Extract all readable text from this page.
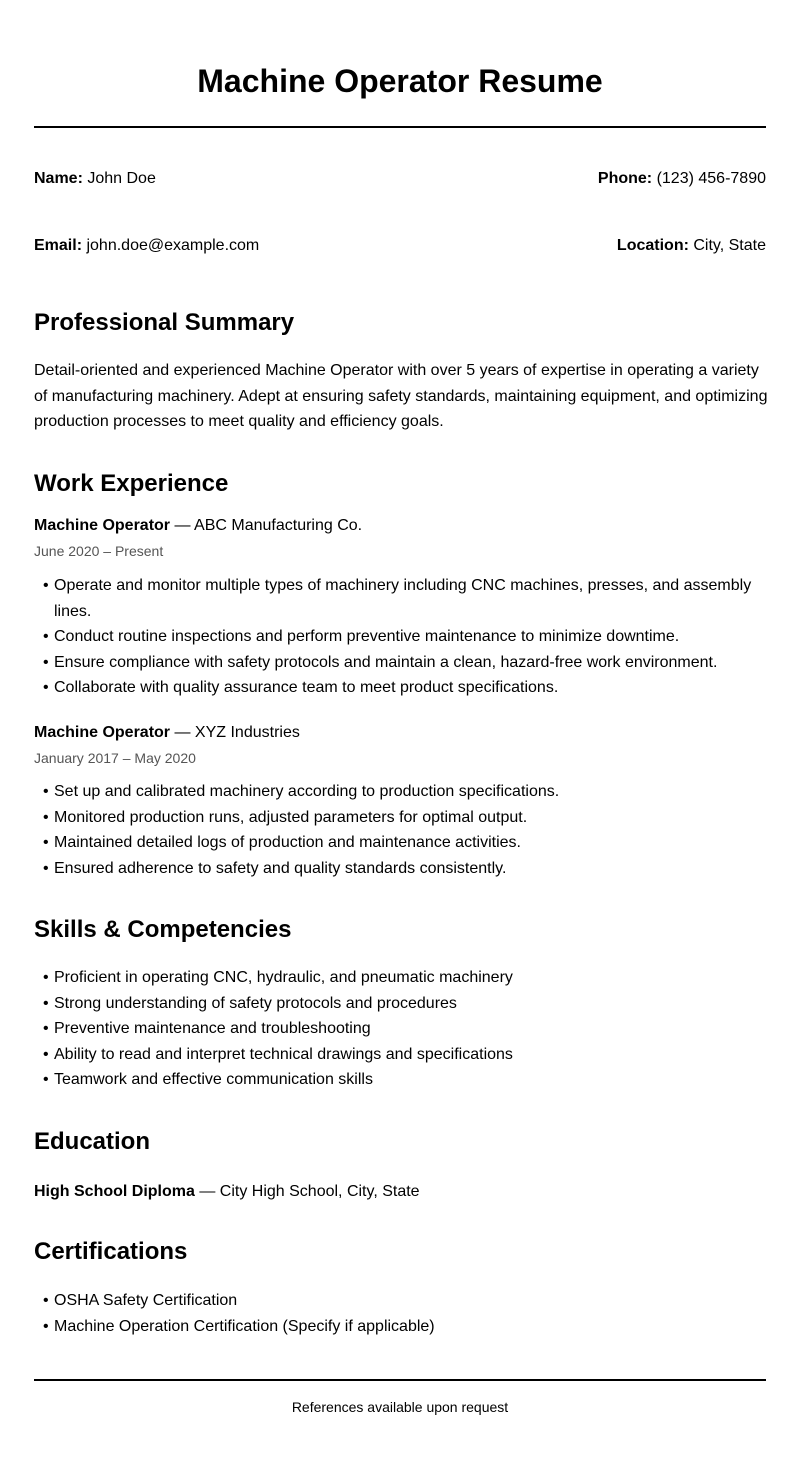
Machine Operator Resume
Name: John Doe	Phone: (123) 456-7890
Email: john.doe@example.com	Location: City, State
Professional Summary

Detail-oriented and experienced Machine Operator with over 5 years of expertise in operating a variety of manufacturing machinery. Adept at ensuring safety standards, maintaining equipment, and optimizing production processes to meet quality and efficiency goals.

Work Experience
Machine Operator — ABC Manufacturing Co.
June 2020 – Present
• Operate and monitor multiple types of machinery including CNC machines, presses, and assembly lines.
• Conduct routine inspections and perform preventive maintenance to minimize downtime.
• Ensure compliance with safety protocols and maintain a clean, hazard-free work environment.
• Collaborate with quality assurance team to meet product specifications.
Machine Operator — XYZ Industries
January 2017 – May 2020
• Set up and calibrated machinery according to production specifications.
• Monitored production runs, adjusted parameters for optimal output.
• Maintained detailed logs of production and maintenance activities.
• Ensured adherence to safety and quality standards consistently.
Skills & Competencies
• Proficient in operating CNC, hydraulic, and pneumatic machinery
• Strong understanding of safety protocols and procedures
• Preventive maintenance and troubleshooting
• Ability to read and interpret technical drawings and specifications
• Teamwork and effective communication skills
Education
High School Diploma — City High School, City, State
Certifications
• OSHA Safety Certification
• Machine Operation Certification (Specify if applicable)
References available upon request
